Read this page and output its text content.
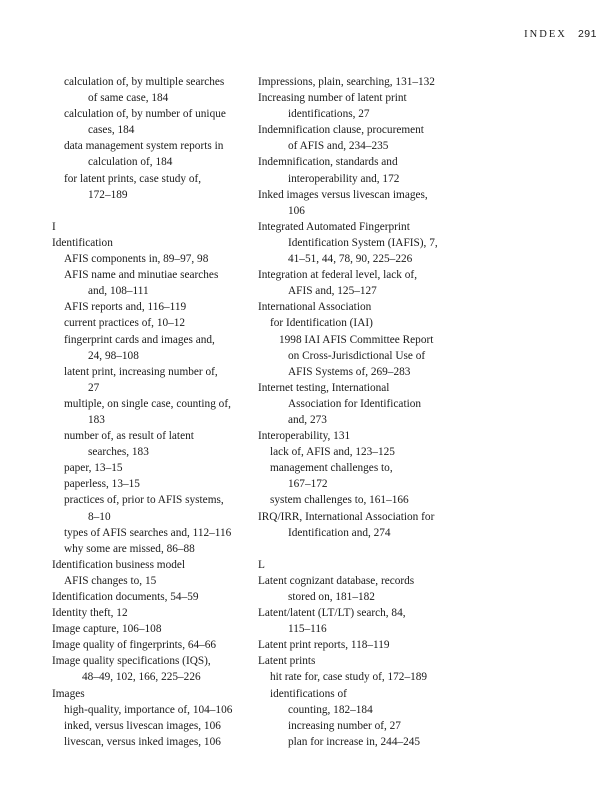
INDEX 291
calculation of, by multiple searches
of same case, 184
calculation of, by number of unique
cases, 184
data management system reports in
calculation of, 184
for latent prints, case study of,
172–189
I
Identification
AFIS components in, 89–97, 98
AFIS name and minutiae searches
and, 108–111
AFIS reports and, 116–119
current practices of, 10–12
fingerprint cards and images and,
24, 98–108
latent print, increasing number of,
27
multiple, on single case, counting of,
183
number of, as result of latent
searches, 183
paper, 13–15
paperless, 13–15
practices of, prior to AFIS systems,
8–10
types of AFIS searches and, 112–116
why some are missed, 86–88
Identification business model
AFIS changes to, 15
Identification documents, 54–59
Identity theft, 12
Image capture, 106–108
Image quality of fingerprints, 64–66
Image quality specifications (IQS),
48–49, 102, 166, 225–226
Images
high-quality, importance of, 104–106
inked, versus livescan images, 106
livescan, versus inked images, 106
Impressions, plain, searching, 131–132
Increasing number of latent print
identifications, 27
Indemnification clause, procurement
of AFIS and, 234–235
Indemnification, standards and
interoperability and, 172
Inked images versus livescan images,
106
Integrated Automated Fingerprint
Identification System (IAFIS), 7,
41–51, 44, 78, 90, 225–226
Integration at federal level, lack of,
AFIS and, 125–127
International Association
for Identification (IAI)
1998 IAI AFIS Committee Report
on Cross-Jurisdictional Use of
AFIS Systems of, 269–283
Internet testing, International
Association for Identification
and, 273
Interoperability, 131
lack of, AFIS and, 123–125
management challenges to,
167–172
system challenges to, 161–166
IRQ/IRR, International Association for
Identification and, 274
L
Latent cognizant database, records
stored on, 181–182
Latent/latent (LT/LT) search, 84,
115–116
Latent print reports, 118–119
Latent prints
hit rate for, case study of, 172–189
identifications of
counting, 182–184
increasing number of, 27
plan for increase in, 244–245
